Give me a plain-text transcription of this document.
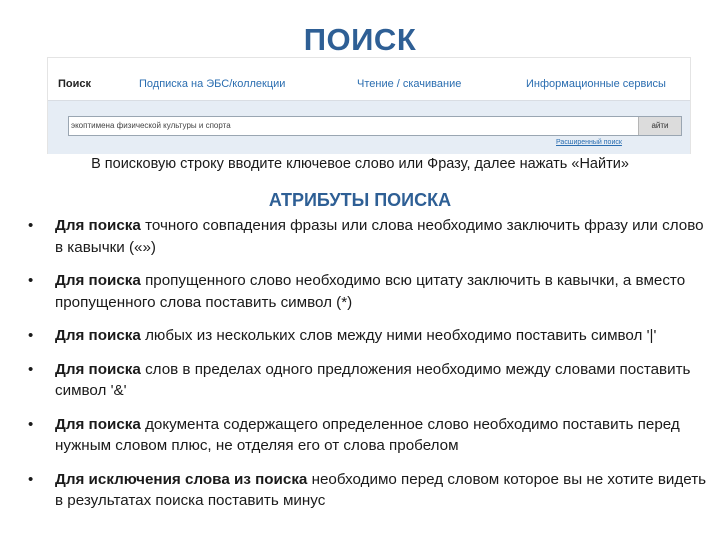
ПОИСК
Поиск	Подписка на ЭБС/коллекции	Чтение / скачивание	Информационные сервисы
экоптимена физической культуры и спорта	айти
Расширенный поиск
В поисковую строку вводите ключевое слово или Фразу, далее нажать «Найти»
АТРИБУТЫ ПОИСКА
• Для поиска точного совпадения фразы или слова необходимо заключить фразу или слово в кавычки («»)
• Для поиска пропущенного слово необходимо всю цитату заключить в кавычки, а вместо пропущенного слова поставить символ (*)
• Для поиска любых из нескольких слов между ними необходимо поставить символ '|'
• Для поиска слов в пределах одного предложения необходимо между словами поставить символ '&'
• Для поиска документа содержащего определенное слово необходимо поставить перед нужным словом плюс, не отделяя его от слова пробелом
• Для исключения слова из поиска необходимо перед словом которое вы не хотите видеть в результатах поиска поставить минус
